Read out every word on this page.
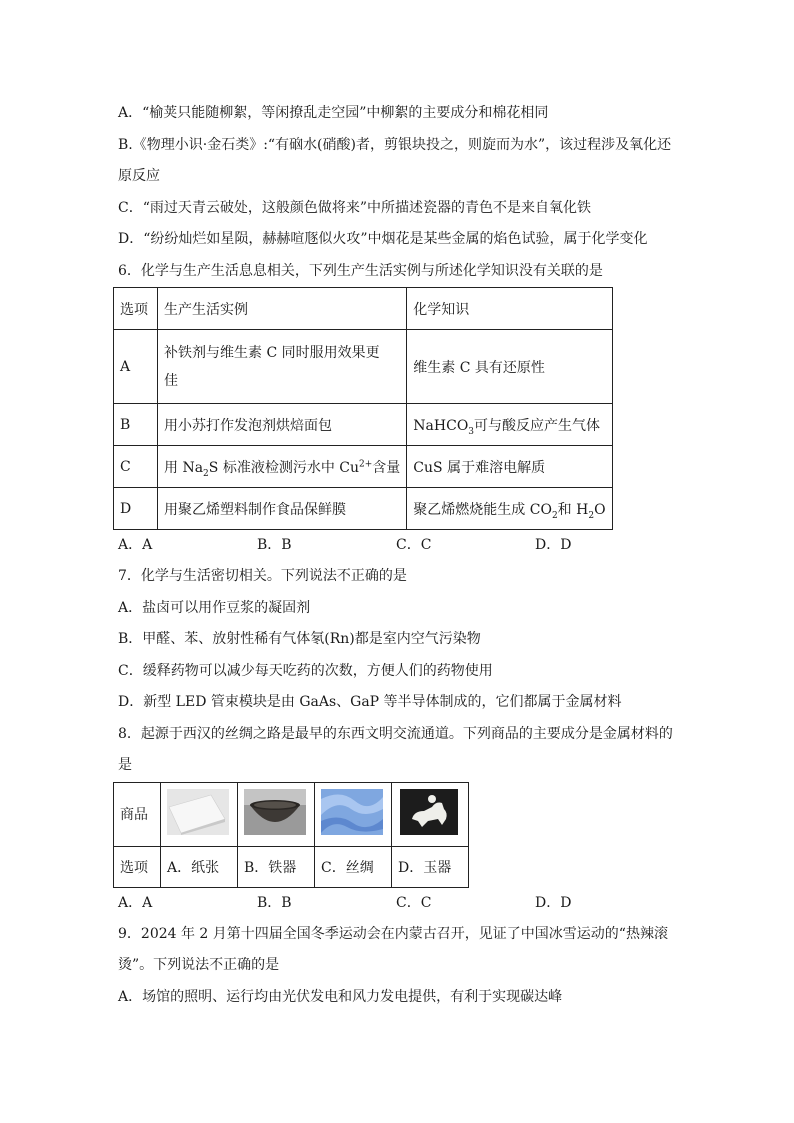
A．“榆荚只能随柳絮，等闲撩乱走空园”中柳絮的主要成分和棉花相同
B.《物理小识·金石类》:“有硇水(硝酸)者，剪银块投之，则旋而为水”，该过程涉及氧化还
原反应
C．“雨过天青云破处，这般颜色做将来”中所描述瓷器的青色不是来自氧化铁
D．“纷纷灿烂如星陨，赫赫喧豗似火攻”中烟花是某些金属的焰色试验，属于化学变化
6．化学与生产生活息息相关，下列生产生活实例与所述化学知识没有关联的是
选项	生产生活实例	化学知识
A	补铁剂与维生素 C 同时服用效果更
佳	维生素 C 具有还原性
B	用小苏打作发泡剂烘焙面包	NaHCO$_3$可与酸反应产生气体
C	用 $Na_2S$ 标准液检测污水中 $Cu^{2+}$含量	CuS 属于难溶电解质
D	用聚乙烯塑料制作食品保鲜膜	聚乙烯燃烧能生成 $CO_2$和 $H_2O$
A．A	B．B	C．C	D．D
7．化学与生活密切相关。下列说法不正确的是
A．盐卤可以用作豆浆的凝固剂
B．甲醛、苯、放射性稀有气体氡(Rn)都是室内空气污染物
C．缓释药物可以减少每天吃药的次数，方便人们的药物使用
D．新型 LED 管束模块是由 GaAs、GaP 等半导体制成的，它们都属于金属材料
8．起源于西汉的丝绸之路是最早的东西文明交流通道。下列商品的主要成分是金属材料的
是
商品				
选项	A．纸张	B．铁器	C．丝绸	D．玉器
A．A	B．B	C．C	D．D
9．2024 年 2 月第十四届全国冬季运动会在内蒙古召开，见证了中国冰雪运动的“热辣滚
烫”。下列说法不正确的是
A．场馆的照明、运行均由光伏发电和风力发电提供，有利于实现碳达峰
